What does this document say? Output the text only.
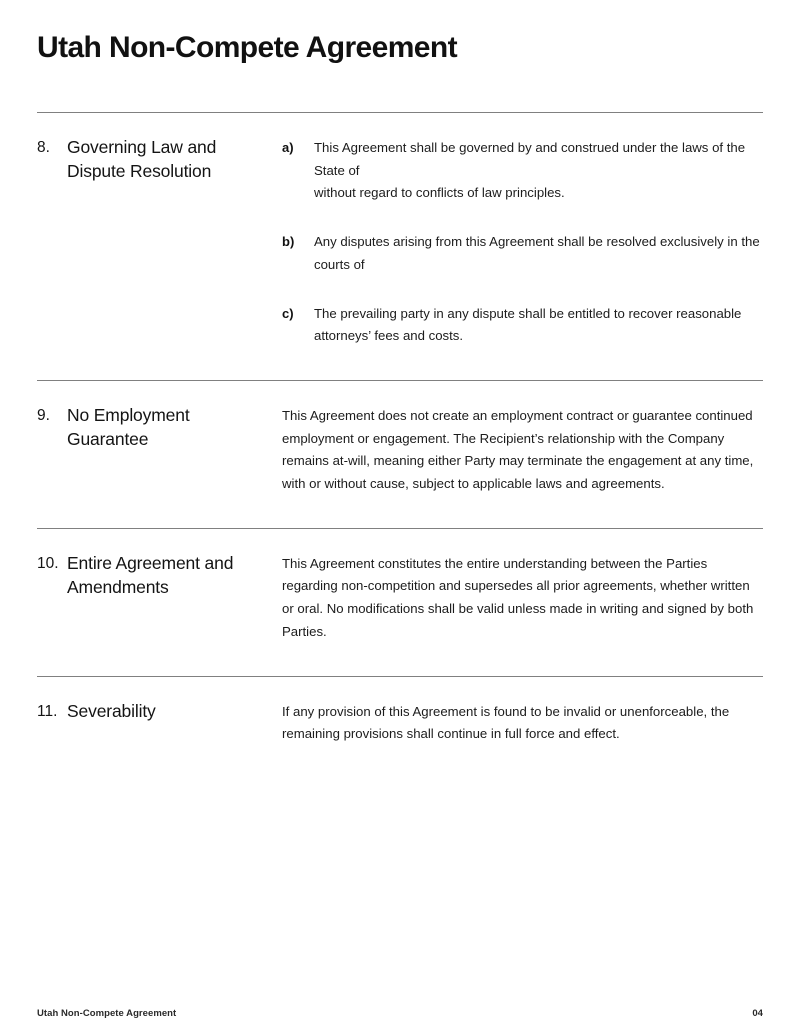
Utah Non-Compete Agreement
8. Governing Law and Dispute Resolution
a)	This Agreement shall be governed by and construed under the laws of the State of
without regard to conflicts of law principles.
b)	Any disputes arising from this Agreement shall be resolved exclusively in the courts of
c)	The prevailing party in any dispute shall be entitled to recover reasonable attorneys’ fees and costs.
9. No Employment Guarantee

This Agreement does not create an employment contract or guarantee continued employment or engagement. The Recipient’s relationship with the Company remains at-will, meaning either Party may terminate the engagement at any time, with or without cause, subject to applicable laws and agreements.

10. Entire Agreement and Amendments

This Agreement constitutes the entire understanding between the Parties regarding non-competition and supersedes all prior agreements, whether written or oral. No modifications shall be valid unless made in writing and signed by both Parties.

11. Severability	If any provision of this Agreement is found to be invalid or unenforceable, the remaining provisions shall continue in full force and effect.

Utah Non-Compete Agreement	04
